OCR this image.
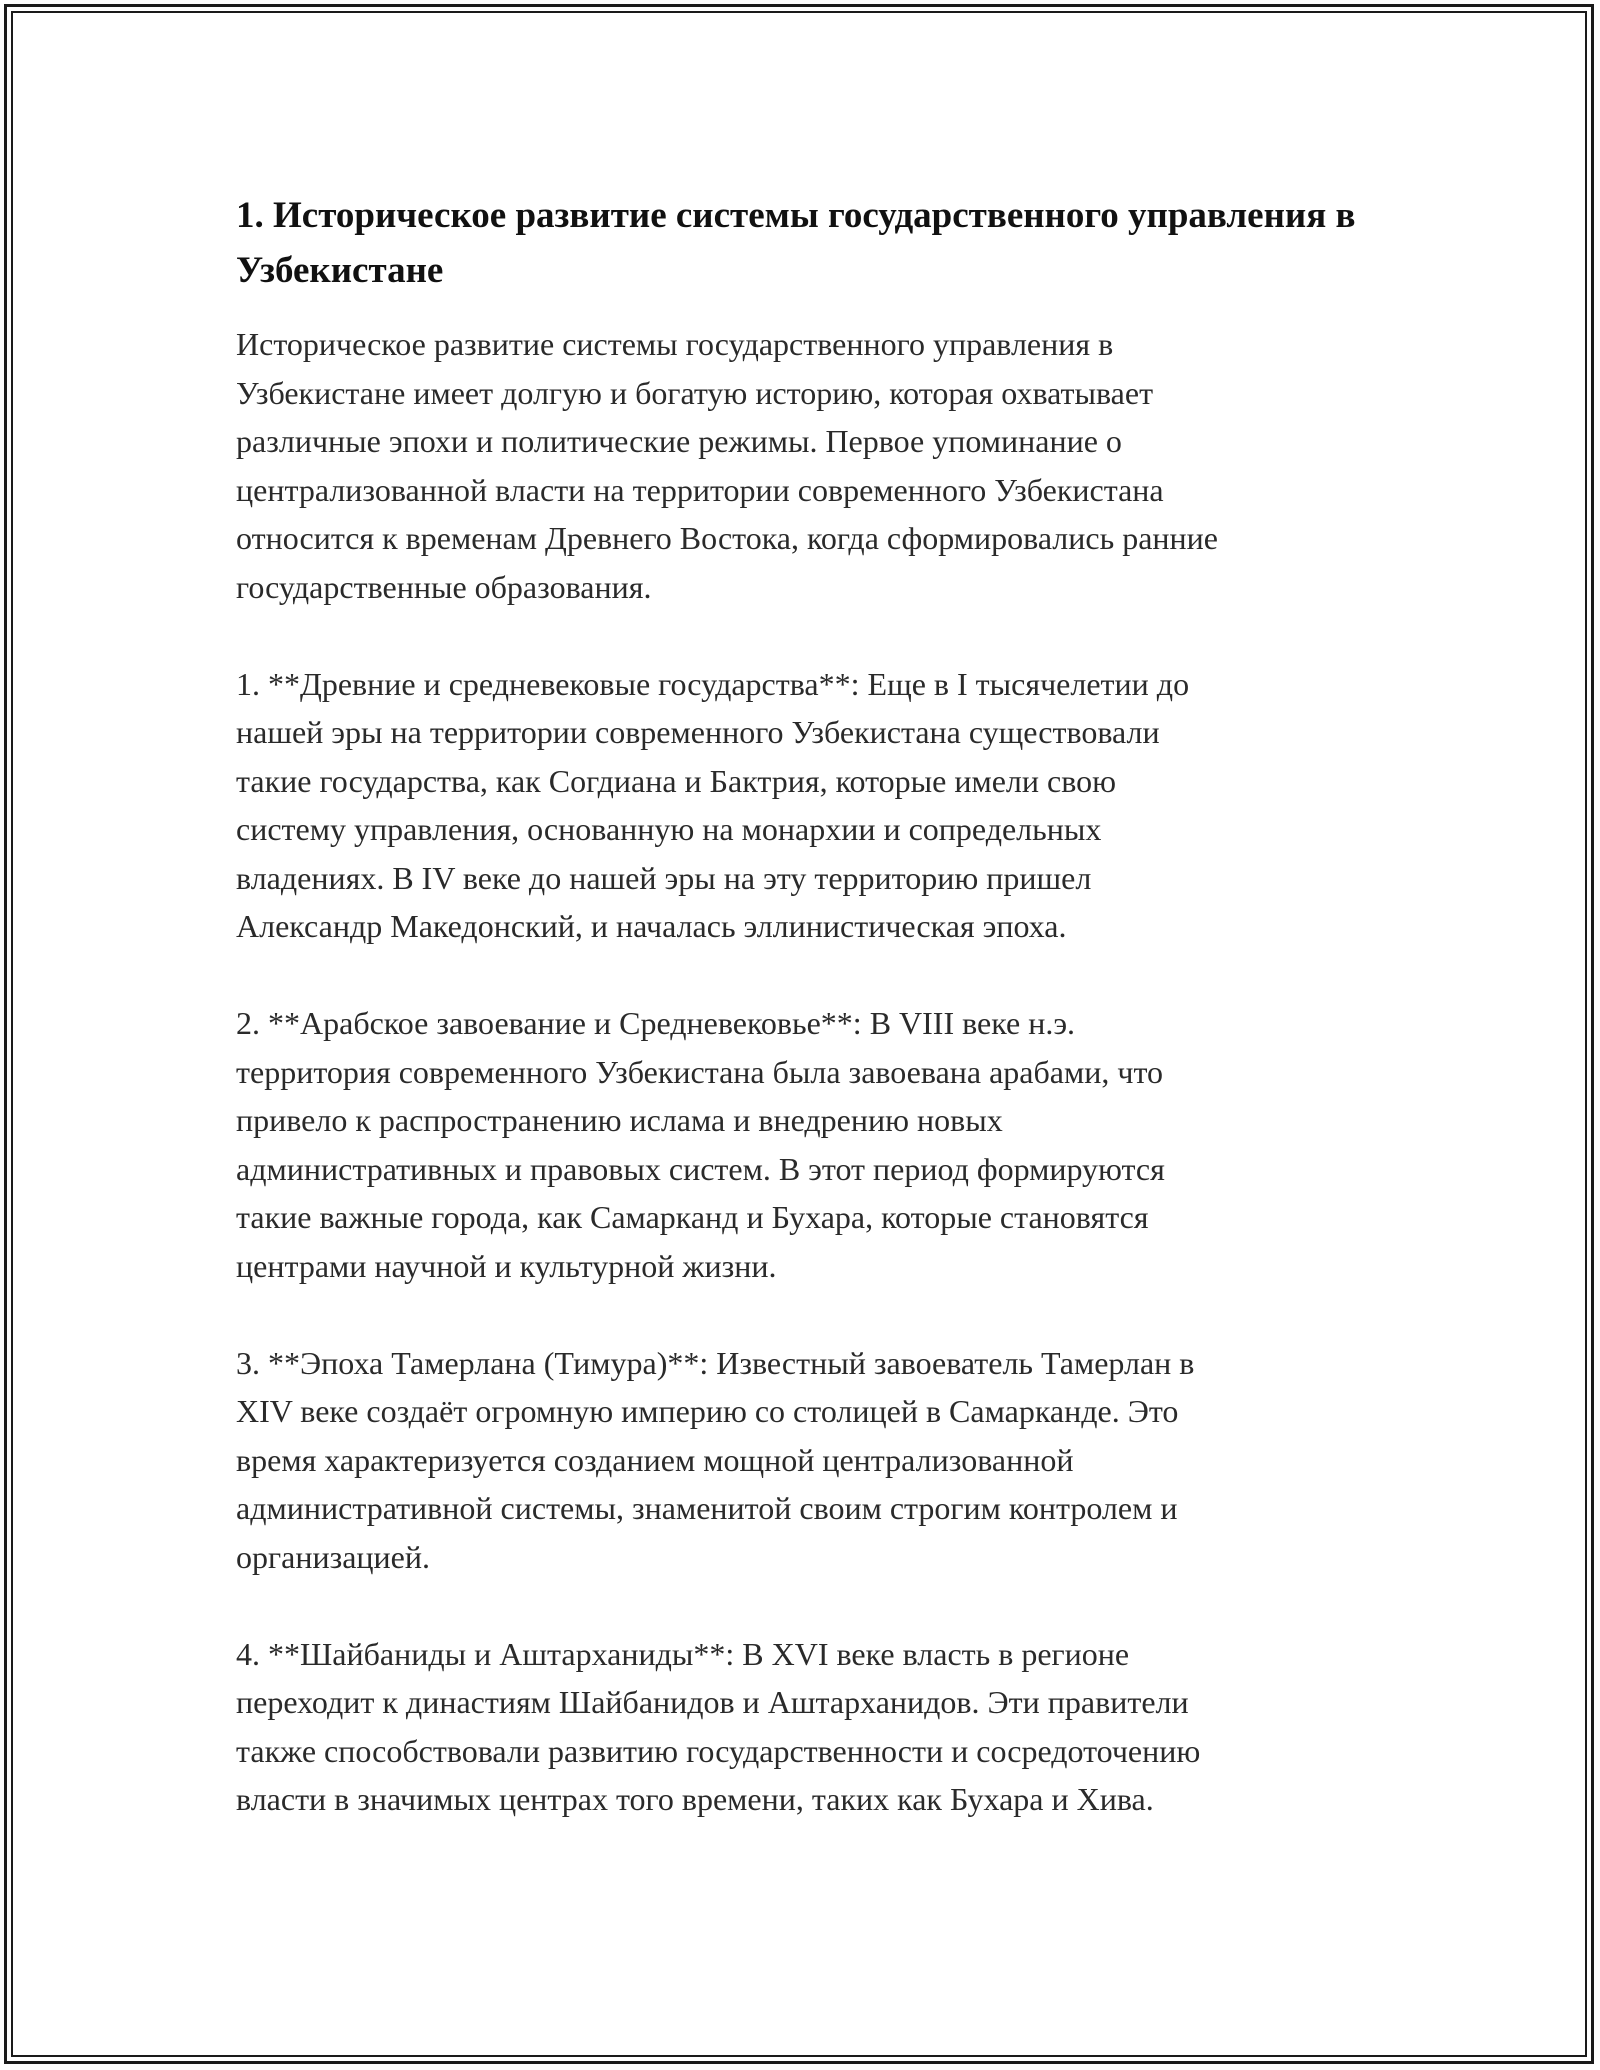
1. Историческое развитие системы государственного управления в Узбекистане

Историческое развитие системы государственного управления в
Узбекистане имеет долгую и богатую историю, которая охватывает
различные эпохи и политические режимы. Первое упоминание о
централизованной власти на территории современного Узбекистана
относится к временам Древнего Востока, когда сформировались ранние
государственные образования.

1. **Древние и средневековые государства**: Еще в I тысячелетии до
нашей эры на территории современного Узбекистана существовали
такие государства, как Согдиана и Бактрия, которые имели свою
систему управления, основанную на монархии и сопредельных
владениях. В IV веке до нашей эры на эту территорию пришел
Александр Македонский, и началась эллинистическая эпоха.

2. **Арабское завоевание и Средневековье**: В VIII веке н.э.
территория современного Узбекистана была завоевана арабами, что
привело к распространению ислама и внедрению новых
административных и правовых систем. В этот период формируются
такие важные города, как Самарканд и Бухара, которые становятся
центрами научной и культурной жизни.

3. **Эпоха Тамерлана (Тимура)**: Известный завоеватель Тамерлан в
XIV веке создаёт огромную империю со столицей в Самарканде. Это
время характеризуется созданием мощной централизованной
административной системы, знаменитой своим строгим контролем и
организацией.

4. **Шайбаниды и Аштарханиды**: В XVI веке власть в регионе
переходит к династиям Шайбанидов и Аштарханидов. Эти правители
также способствовали развитию государственности и сосредоточению
власти в значимых центрах того времени, таких как Бухара и Хива.
